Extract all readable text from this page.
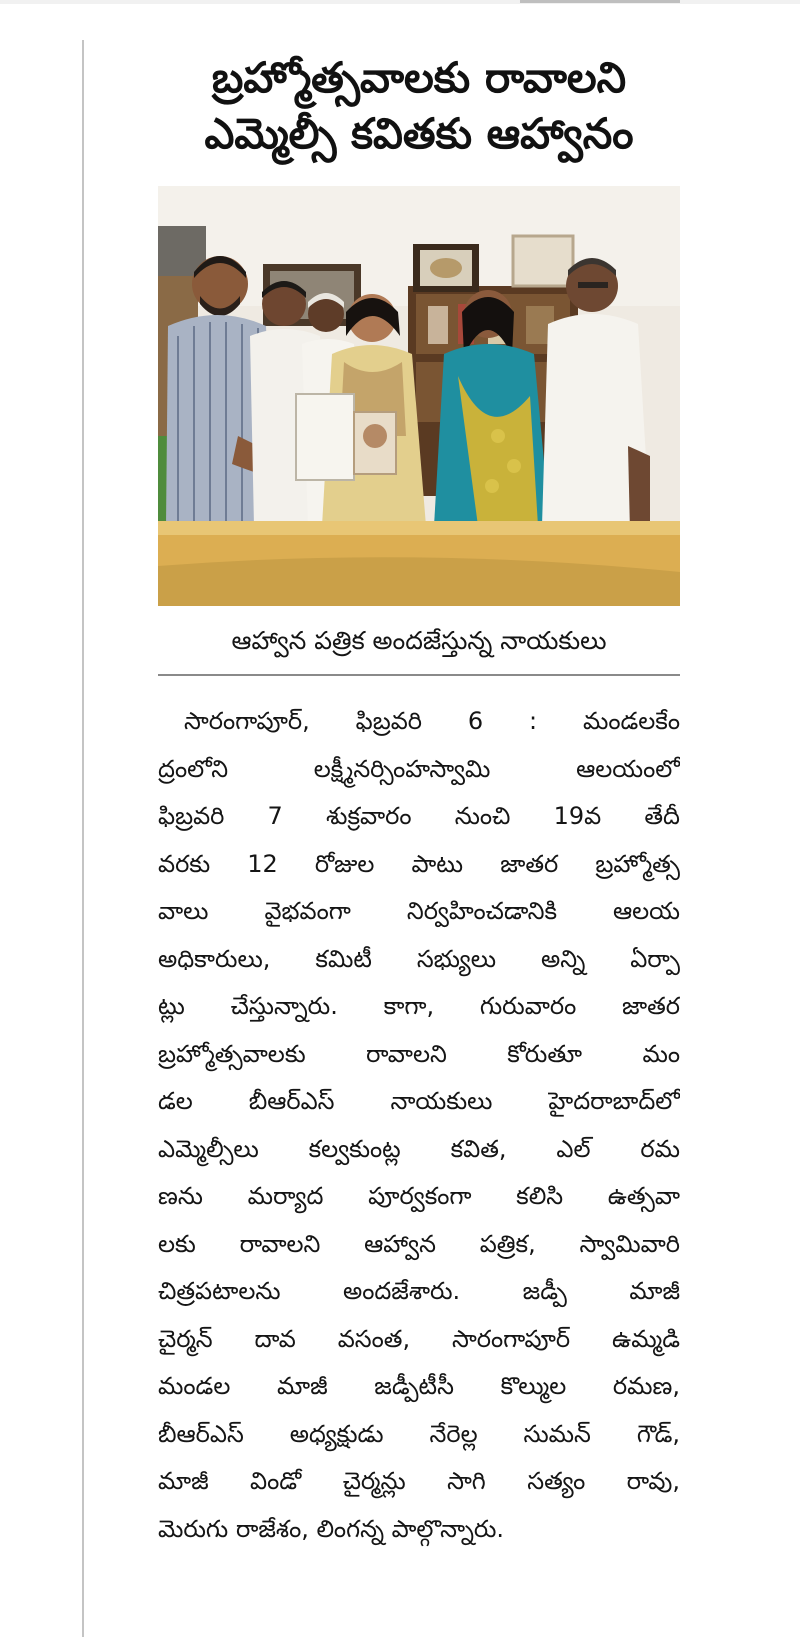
బ్రహ్మోత్సవాలకు రావాలని
ఎమ్మెల్సీ కవితకు ఆహ్వానం

ఆహ్వాన పత్రిక అందజేస్తున్న నాయకులు

సారంగాపూర్, ఫిబ్రవరి 6 : మండలకేం
ద్రంలోని లక్ష్మీనర్సింహస్వామి ఆలయంలో
ఫిబ్రవరి 7 శుక్రవారం నుంచి 19వ తేదీ
వరకు 12 రోజుల పాటు జాతర బ్రహ్మోత్స
వాలు వైభవంగా నిర్వహించడానికి ఆలయ
అధికారులు, కమిటీ సభ్యులు అన్ని ఏర్పా
ట్లు చేస్తున్నారు. కాగా, గురువారం జాతర
బ్రహ్మోత్సవాలకు రావాలని కోరుతూ మం
డల బీఆర్ఎస్ నాయకులు హైదరాబాద్‌లో
ఎమ్మెల్సీలు కల్వకుంట్ల కవిత, ఎల్ రమ
ణను మర్యాద పూర్వకంగా కలిసి ఉత్సవా
లకు రావాలని ఆహ్వాన పత్రిక, స్వామివారి
చిత్రపటాలను అందజేశారు. జడ్పీ మాజీ
చైర్మన్ దావ వసంత, సారంగాపూర్ ఉమ్మడి
మండల మాజీ జడ్పీటీసీ కొల్ముల రమణ,
బీఆర్ఎస్ అధ్యక్షుడు నేరెల్ల సుమన్ గౌడ్,
మాజీ విండో చైర్మన్లు సాగి సత్యం రావు,
మెరుగు రాజేశం, లింగన్న పాల్గొన్నారు.
